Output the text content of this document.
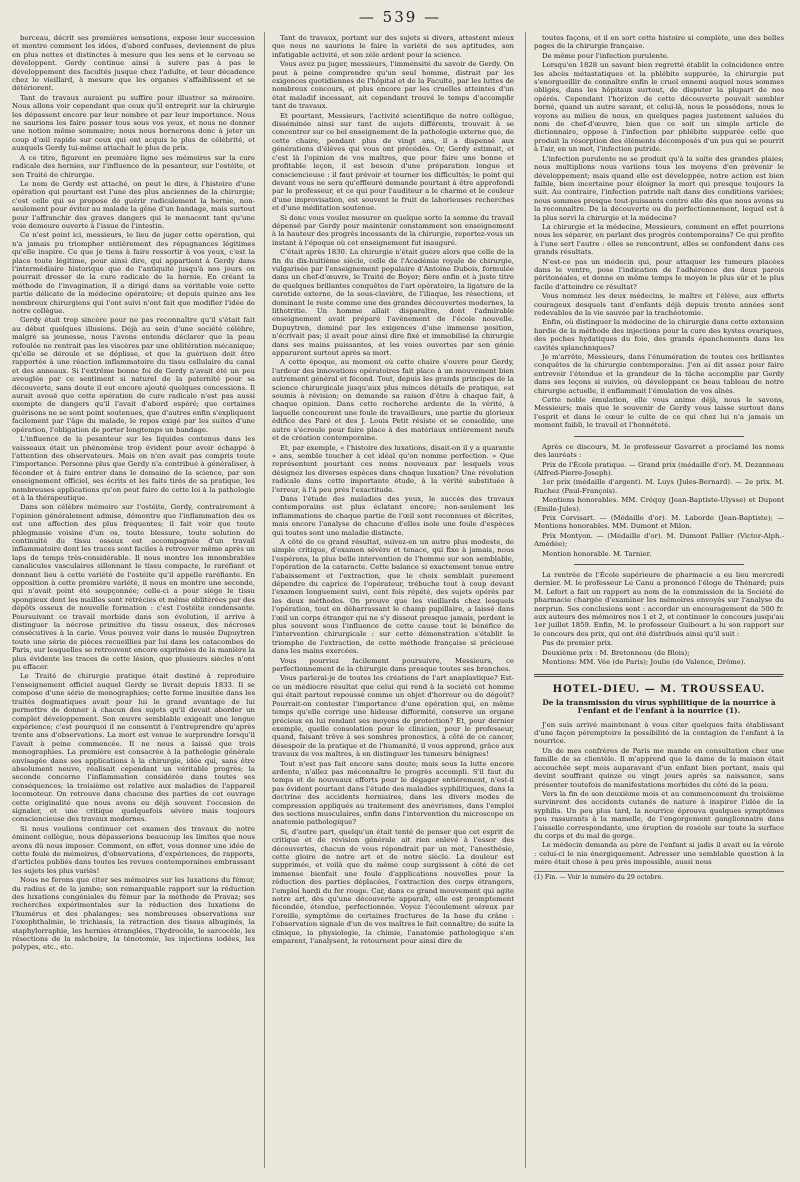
— 539 —

berceau, décrit ses premières sensations, expose leur succession et montre comment les idées, d'abord confuses, deviennent de plus en plus nettes et distinctes à mesure que les sens et le cerveau se développent. Gerdy continue ainsi à suivre pas à pas le développement des facultés jusque chez l'adulte, et leur décadence chez le vieillard, à mesure que les organes s'affaiblissent et se détériorent.

Tant de travaux auraient pu suffire pour illustrer sa mémoire. Nous allons voir cependant que ceux qu'il entreprit sur la chirurgie les dépassent encore par leur nombre et par leur importance. Nous ne saurions les faire passer tous sous vos yeux, et nous ne donner une notion même sommaire; nous nous bornerons donc à jeter un coup d'œil rapide sur ceux qui ont acquis le plus de célébrité, et auxquels Gerdy lui-même attachait le plus de prix.

A ce titre, figurent en première ligne ses mémoires sur la cure radicale des hernies, sur l'influence de la pesanteur, sur l'ostéite, et son Traité de chirurgie.

Le nom de Gerdy est attaché, on peut le dire, à l'histoire d'une opération qui pourtant est l'une des plus anciennes de la chirurgie; c'est celle qui se propose de guérir radicalement la hernie, non-seulement pour éviter au malade la gêne d'un bandage, mais surtout pour l'affranchir des graves dangers qui le menacent tant qu'une voie demeure ouverte à l'issue de l'intestin.

Ce n'est point ici, messieurs, le lieu de juger cette opération, qui n'a jamais pu triompher entièrement des répugnances légitimes qu'elle inspire. Ce que je tiens à faire ressortir à vos yeux, c'est la place toute légitime, pour ainsi dire, qui appartient à Gerdy dans l'intermédiaire historique que de l'antiquité jusqu'à nos jours on pourrait dresser de la cure radicale de la hernie. En créant la méthode de l'invagination, il a dirigé dans sa véritable voie cette partie délicate de la médecine opératoire; et depuis quinze ans les nombreux chirurgiens qui l'ont suivi n'ont fait que modifier l'idée de notre collègue.

Gerdy était trop sincère pour ne pas reconnaître qu'il s'était fait au début quelques illusions. Déjà au sein d'une société célèbre, malgré sa jeunesse, nous l'avons entendu déclarer que la peau refoulée ne rentrait pas les viscères par une oblitération mécanique; qu'elle se déroule et se déplisse, et que la guérison doit être rapportée à une réaction inflammatoire du tissu cellulaire du canal et des anneaux. Si l'extrême bonne foi de Gerdy n'avait été un peu aveuglée par ce sentiment si naturel de la paternité pour sa découverte, sans doute il eut encore ajouté quelques concessions. Il aurait avoué que cette opération de cure radicale n'est pas aussi exempte de dangers qu'il l'avait d'abord espéré; que certaines guérisons ne se sont point soutenues, que d'autres enfin s'expliquent facilement par l'âge du malade, le repos exigé par les suites d'une opération, l'obligation de porter longtemps un bandage.

L'influence de la pesanteur sur les liquides contenus dans les vaisseaux était un phénomène trop évident pour avoir échappé à l'attention des observateurs. Mais on n'en avait pas compris toute l'importance. Personne plus que Gerdy n'a contribué à généraliser, à féconder et à faire entrer dans le domaine de la science, par son enseignement officiel, ses écrits et les faits tirés de sa pratique, les nombreuses applications qu'on peut faire de cette loi à la pathologie et à la thérapeutique.

Dans son célèbre mémoire sur l'ostéite, Gerdy, contrairement à l'opinion généralement admise, démontre que l'inflammation des os est une affection des plus fréquentes; il fait voir que toute phlegmasie voisine d'un os, toute blessure, toute solution de continuité du tissu osseux est accompagnée d'un travail inflammatoire dont les traces sont faciles à retrouver même après un laps de temps très-considérable. Il nous montre les innombrables canalicules vasculaires sillonnant le tissu compacte, le raréfiant et donnant lieu à cette variété de l'ostéite qu'il appelle raréfiante. En opposition à cette première variété, il nous en montre une seconde, qui n'avait point été soupçonnée; celle-ci a pour siège le tissu spongieux dont les mailles sont rétrécies et même oblitérées par des dépôts osseux de nouvelle formation : c'est l'ostéite condensante. Poursuivant ce travail morbide dans son évolution, il arrive à distinguer la nécrose primitive du tissu osseux, des nécroses consécutives à la carie. Vous pouvez voir dans le musée Dupuytren toute une série de pièces recueillies par lui dans les catacombes de Paris, sur lesquelles se retrouvent encore exprimées de la manière la plus évidente les traces de cette lésion, que plusieurs siècles n'ont pu effacer.

Le Traité de chirurgie pratique était destiné à reproduire l'enseignement officiel auquel Gerdy se livrait depuis 1833. Il se compose d'une série de monographies; cette forme inusitée dans les traités dogmatiques avait pour lui le grand avantage de lui permettre de donner à chacun des sujets qu'il devait aborder un complet développement. Son œuvre semblable exigeait une longue expérience; c'est pourquoi il ne consentit à l'entreprendre qu'après trente ans d'observations. La mort est venue le surprendre lorsqu'il l'avait à peine commencée. Il ne nous a laissé que trois monographies. La première est consacrée à la pathologie générale envisagée dans ses applications à la chirurgie, idée qui, sans être absolument neuve, réalisait cependant un véritable progrès; la seconde concerne l'inflammation considérée dans toutes ses conséquences; la troisième est relative aux maladies de l'appareil locomoteur. On retrouve dans chacune des parties de cet ouvrage cette originalité que nous avons eu déjà souvent l'occasion de signaler, et une critique quelquefois sévère mais toujours consciencieuse des travaux modernes.

Si nous voulions continuer cet examen des travaux de notre éminent collègue, nous dépasserions beaucoup les limites que nous avons dû nous imposer. Comment, en effet, vous donner une idée de cette foule de mémoires, d'observations, d'expériences, de rapports, d'articles publiés dans toutes les revues contemporaines embrassant les sujets les plus variés!

Nous ne ferons que citer ses mémoires sur les luxations du fémur, du radius et de la jambe; son remarquable rapport sur la réduction des luxations congéniales du fémur par la méthode de Pravaz; ses recherches expérimentales sur la réduction des luxations de l'humérus et des phalanges; ses nombreuses observations sur l'exophthalmie, le trichiasis, la rétraction des tissus albuginés, la staphylorraphie, les hernies étranglées, l'hydrocèle, le sarcocèle, les résections de la mâchoire, la ténotomie, les injections iodées, les polypes, etc., etc.

Tant de travaux, portant sur des sujets si divers, attestent mieux que nous ne saurions le faire la variété de ses aptitudes, son infatigable activité, et son zèle ardent pour la science.

Vous avez pu juger, messieurs, l'immensité du savoir de Gerdy. On peut à peine comprendre qu'un seul homme, distrait par les exigences quotidiennes de l'hôpital et de la Faculté, par les luttes de nombreux concours, et plus encore par les cruelles atteintes d'un état maladif incessant, ait cependant trouvé le temps d'accomplir tant de travaux.

Et pourtant, Messieurs, l'activité scientifique de notre collègue, disséminée ainsi sur tant de sujets différents, trouvait à se concentrer sur ce bel enseignement de la pathologie externe que, de cette chaire, pendant plus de vingt ans, il a dispensé aux générations d'élèves qui vous ont précédés. Or, Gerdy estimait, et c'est là l'opinion de vos maîtres, que pour faire une bonne et profitable leçon, il est besoin d'une préparation longue et consciencieuse : il faut prévoir et tourner les difficultés; le point qui devant vous ne sera qu'effleuré demande pourtant à être approfondi par le professeur, et ce qui pour l'auditeur a le charme et le couleur d'une improvisation, est souvent le fruit de laborieuses recherches et d'une méditation soutenue.

Si donc vous voulez mesurer en quelque sorte la somme du travail dépensé par Gerdy pour maintenir constamment son enseignement à la hauteur des progrès incessants de la chirurgie, reportez-vous un instant à l'époque où cet enseignement fut inauguré.

C'était après 1830. La chirurgie n'était guère alors que celle de la fin du dix-huitième siècle, celle de l'Académie royale de chirurgie, vulgarisée par l'enseignement populaire d'Antoine Dubois, formulée dans un chef-d'œuvre, le Traité de Boyer; fière enfin et à juste titre de quelques brillantes conquêtes de l'art opératoire, la ligature de la carotide externe, de la sous-clavière, de l'iliaque, les résections, et dominant le reste comme une des grandes découvertes modernes, la lithotritie. Un homme allait disparaître, dont l'admirable enseignement avait préparé l'avènement de l'école nouvelle. Dupuytren, dominé par les exigences d'une immense position, n'écrivait pas; il avait pour ainsi dire fixé et immobilisé la chirurgie dans ses mains puissantes, et les voies ouvertes par son génie apparurent surtout après sa mort.

A cette époque, au moment où cette chaire s'ouvre pour Gerdy, l'ardeur des innovations opératoires fait place à un mouvement bien autrement général et fécond. Tout, depuis les grands principes de la science chirurgicale jusqu'aux plus minces détails de pratique, est soumis à révision; on demande sa raison d'être à chaque fait, à chaque opinion. Dans cette recherche ardente de la vérité, à laquelle concourent une foule de travailleurs, une partie du glorieux édifice des Paré et des J. Louis Petit résiste et se consolide, une autre s'écroule pour faire place à des matériaux entièrement neufs et de création contemporaine.

Et, par exemple, « l'histoire des luxations, disait-on il y a quarante « ans, semble toucher à cet idéal qu'on nomme perfection. » Que représentent pourtant ces noms nouveaux par lesquels vous désignez les diverses espèces dans chaque luxation? Une révolution radicale dans cette importante étude, à la vérité substituée à l'erreur, à l'à peu près l'exactitude.

Dans l'étude des maladies des yeux, le succès des travaux contemporains est plus éclatant encore; non-seulement les inflammations de chaque partie de l'œil sont reconnues et décrites, mais encore l'analyse de chacune d'elles isole une foule d'espèces qui toutes sont une maladie distincte.

A côté de ce grand résultat, suivez-en un autre plus modeste, de simple critique, d'examen sévère et tenace, qui fixe à jamais, nous l'espérons, la plus belle intervention de l'homme sur son semblable, l'opération de la cataracte. Cette balance si exactement tenue entre l'abaissement et l'extraction, que le choix semblait purement dépendre du caprice de l'opérateur, trébuche tout à coup devant l'examen longuement suivi, cent fois répété, des sujets opérés par les deux méthodes. On prouve que les vieillards chez lesquels l'opération, tout en débarrassant le champ pupillaire, a laissé dans l'œil un corps étranger qui ne s'y dissout presque jamais, perdent le plus souvent sous l'influence de cette cause tout le bénéfice de l'intervention chirurgicale : sur cette démonstration s'établit le triomphe de l'extraction, de cette méthode française si précieuse dans les mains exercées.

Vous pourriez facilement poursuivre, Messieurs, ce perfectionnement de la chirurgie dans presque toutes ses branches.

Vous parlerai-je de toutes les créations de l'art anaplastique? Est-ce un médiocre résultat que celui qui rend à la société cet homme qui était partout repoussé comme un objet d'horreur ou de dégoût? Pourrait-on contester l'importance d'une opération qui, en même temps qu'elle corrige une hideuse difformité, conserve un organe précieux en lui rendant ses moyens de protection? Et, pour dernier exemple, quelle consolation pour le clinicien, pour le professeur, quand, faisant trêve à ses sombres pronostics, à côté de ce cancer, désespoir de la pratique et de l'humanité, il vous apprend, grâce aux travaux de vos maîtres, à en distinguer les tumeurs bénignes!

Tout n'est pas fait encore sans doute; mais sous la lutte encore ardente, n'allez pas méconnaître le progrès accompli. S'il faut du temps et de nouveaux efforts pour le dégager entièrement, n'est-il pas évident pourtant dans l'étude des maladies syphilitiques, dans la doctrine des accidents herniaires, dans les divers modes de compression appliqués au traitement des anévrismes, dans l'emploi des sections musculaires, enfin dans l'intervention du microscope en anatomie pathologique?

Si, d'autre part, quelqu'un était tenté de penser que cet esprit de critique et de révision générale ait rien enlevé à l'essor des découvertes, chacun de vous répondrait par un mot, l'anesthésie, cette gloire de notre art et de notre siècle. La douleur est supprimée, et voilà que du même coup surgissent à côté de cet immense bienfait une foule d'applications nouvelles pour la réduction des parties déplacées, l'extraction des corps étrangers, l'emploi hardi du fer rouge. Car, dans ce grand mouvement qui agite notre art, dès qu'une découverte apparaît, elle est promptement fécondée, étendue, perfectionnée. Voyez l'écoulement séreux par l'oreille, symptôme de certaines fractures de la base du crâne : l'observation signale d'un de vos maîtres le fait connaître; de suite la clinique, la physiologie, la chimie, l'anatomie pathologique s'en emparent, l'analysent, le retournent pour ainsi dire de

toutes façons, et il en sort cette histoire si complète, une des belles pages de la chirurgie française.

De même pour l'infection purulente.

Lorsqu'en 1828 un savant bien regretté établit la coïncidence entre les abcès métastatiques et la phlébite suppurée, la chirurgie put s'enorgueillir de connaître enfin le cruel ennemi auquel nous sommes obligés, dans les hôpitaux surtout, de disputer la plupart de nos opérés. Cependant l'horizon de cette découverte pouvait sembler borné, quand un autre savant, et celui-là, nous le possédons, nous le voyons au milieu de nous, en quelques pages justement saluées du nom de chef-d'œuvre, bien que ce soit un simple article de dictionnaire, oppose à l'infection par phlébite suppurée celle que produit la résorption des éléments décomposés d'un pus qui se pourrit à l'air, en un mot, l'infection putride.

L'infection purulente ne se produit qu'à la suite des grandes plaies; nous multiplions nous variions tous les moyens d'en prévenir le développement; mais quand elle est développée, notre action est bien faible, bien incertaine pour éloigner la mort qui presque toujours la suit. Au contraire, l'infection putride naît dans des conditions variées; nous sommes presque tout-puissants contre elle dès que nous avons su la reconnaître. De la découverte ou du perfectionnement, lequel est à la plus servi la chirurgie et la médecine?

La chirurgie et la médecine, Messieurs, comment en effet pourrions nous les séparer, en parlant des progrès contemporains? Ce qui profite à l'une sert l'autre : elles se rencontrent, elles se confondent dans ces grands résultats.

N'est-ce pas un médecin qui, pour attaquer les tumeurs placées dans le ventre, pose l'indication de l'adhérence des deux parois péritonéales, et donne en même temps le moyen le plus sûr et le plus facile d'atteindre ce résultat?

Vous nommez les deux médecins, le maître et l'élève, aux efforts courageux desquels tant d'enfants déjà depuis trente années sont redevables de la vie sauvée par la trachéotomie.

Enfin, où distinguer la médecine de la chirurgie dans cette extension hardie de la méthode des injections pour la cure des kystes ovariques, des poches hydatiques du foie, des grands épanchements dans les cavités splanchniques?

Je m'arrête, Messieurs, dans l'énumération de toutes ces brillantes conquêtes de la chirurgie contemporaine. J'en ai dit assez pour faire entrevoir l'étendue et la grandeur de la tâche accomplie par Gerdy dans ses leçons si suivies, où développant ce beau tableau de notre chirurgie actuelle, il enflammait l'émulation de vos aînés.

Cette noble émulation, elle vous anime déjà, nous le savons, Messieurs; mais que le souvenir de Gerdy vous laisse surtout dans l'esprit et dans le cœur le culte de ce qui chez lui n'a jamais un moment faibli, le travail et l'honnêteté.

Après ce discours, M. le professeur Gavarret a proclamé les noms des lauréats :

Prix de l'École pratique. — Grand prix (médaille d'or). M. Dezanneau (Alfred-Pierre-Joseph).

1er prix (médaille d'argent). M. Luys (Jules-Bernard). — 2e prix. M. Ruchez (Paul-François).

Mentions honorables. MM. Créquy (Jean-Baptiste-Ulysse) et Dupont (Emile-Jules).

Prix Corvisart. — (Médaille d'or). M. Laborde (Jean-Baptiste); — Mentions honorables. MM. Dumont et Milon.

Prix Montyon. — (Médaille d'or). M. Dumont Pallier (Victor-Alph.-Amédée);

Mention honorable. M. Tarnier.

La rentrée de l'École supérieure de pharmacie a eu lieu mercredi dernier. M. le professeur Le Canu a prononcé l'éloge de Thénard; puis M. Lefort a fait un rapport au nom de la commission de la Société de pharmacie chargée d'examiner les mémoires envoyés sur l'analyse du nerprun. Ses conclusions sont : accorder un encouragement de 500 fr. aux auteurs des mémoires nos 1 et 2, et continuer le concours jusqu'au 1er juillet 1859. Enfin, M. le professeur Guibourt a lu son rapport sur le concours des prix, qui ont été distribués ainsi qu'il suit :

Pas de premier prix.

Deuxième prix : M. Bretonneau (de Blois);

Mentions: MM. Vée (de Paris); Joulie (de Valence, Drôme).

HOTEL-DIEU. — M. TROUSSEAU.
De la transmission du virus syphilitique de la nourrice à l'enfant et de l'enfant à la nourrice (1).

J'en suis arrivé maintenant à vous citer quelques faits établissant d'une façon péremptoire la possibilité de la contagion de l'enfant à la nourrice.

Un de mes confrères de Paris me mande en consultation chez une famille de sa clientèle. Il m'apprend que la dame de la maison était accouchée sept mois auparavant d'un enfant bien portant, mais qui devint souffrant quinze ou vingt jours après sa naissance, sans présenter toutefois de manifestations morbides du côté de la peau.

Vers la fin de son deuxième mois et au commencement du troisième survinrent des accidents cutanés de nature à inspirer l'idée de la syphilis. Un peu plus tard, la nourrice éprouva quelques symptômes peu rassurants à la mamelle, de l'engorgement ganglionnaire dans l'aisselle correspondante, une éruption de roséole sur toute la surface du corps et du mal de gorge.

Le médecin demanda au père de l'enfant si jadis il avait eu la vérole : celui-ci le nia énergiquement. Adresser une semblable question à la mère était chose à peu près impossible, aussi nous

(1) Fin. — Voir le numéro du 29 octobre.
